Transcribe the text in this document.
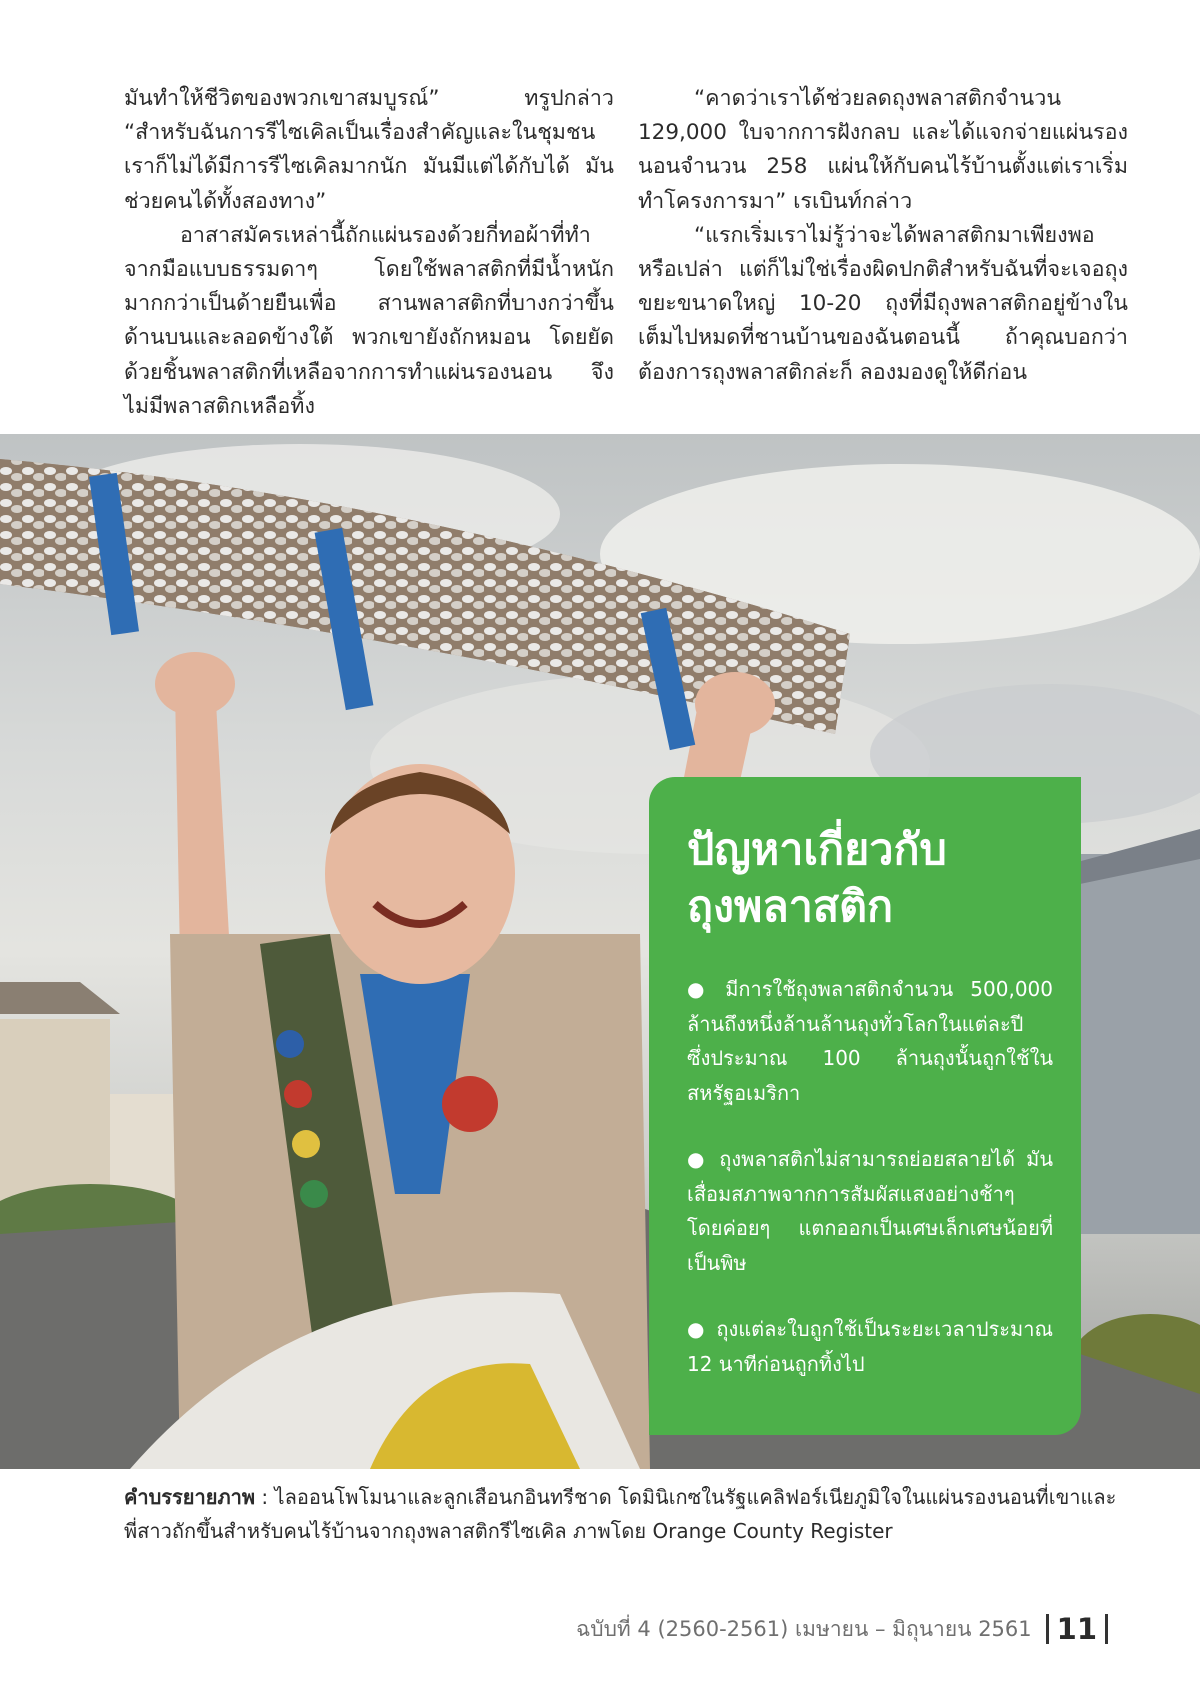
มันทำให้ชีวิตของพวกเขาสมบูรณ์” ทรูปกล่าว “สำหรับฉันการรีไซเคิลเป็นเรื่องสำคัญและในชุมชนเราก็ไม่ได้มีการรีไซเคิลมากนัก มันมีแต่ได้กับได้ มันช่วยคนได้ทั้งสองทาง”

อาสาสมัครเหล่านี้ถักแผ่นรองด้วยกี่ทอผ้าที่ทำจากมือแบบธรรมดาๆ โดยใช้พลาสติกที่มีน้ำหนักมากกว่าเป็นด้ายยืนเพื่อ สานพลาสติกที่บางกว่าขึ้นด้านบนและลอดข้างใต้ พวกเขายังถักหมอน โดยยัดด้วยชิ้นพลาสติกที่เหลือจากการทำแผ่นรองนอน จึงไม่มีพลาสติกเหลือทิ้ง

“คาดว่าเราได้ช่วยลดถุงพลาสติกจำนวน 129,000 ใบจากการฝังกลบ และได้แจกจ่ายแผ่นรองนอนจำนวน 258 แผ่นให้กับคนไร้บ้านตั้งแต่เราเริ่มทำโครงการมา” เรเบินท์กล่าว

“แรกเริ่มเราไม่รู้ว่าจะได้พลาสติกมาเพียงพอหรือเปล่า แต่ก็ไม่ใช่เรื่องผิดปกติสำหรับฉันที่จะเจอถุงขยะขนาดใหญ่ 10-20 ถุงที่มีถุงพลาสติกอยู่ข้างในเต็มไปหมดที่ชานบ้านของฉันตอนนี้ ถ้าคุณบอกว่าต้องการถุงพลาสติกล่ะก็ ลองมองดูให้ดีก่อน

ปัญหาเกี่ยวกับ
ถุงพลาสติก
● มีการใช้ถุงพลาสติกจำนวน 500,000 ล้านถึงหนึ่งล้านล้านถุงทั่วโลกในแต่ละปี ซึ่งประมาณ 100 ล้านถุงนั้นถูกใช้ในสหรัฐอเมริกา
● ถุงพลาสติกไม่สามารถย่อยสลายได้ มันเสื่อมสภาพจากการสัมผัสแสงอย่างช้าๆ โดยค่อยๆ แตกออกเป็นเศษเล็กเศษน้อยที่เป็นพิษ
● ถุงแต่ละใบถูกใช้เป็นระยะเวลาประมาณ 12 นาทีก่อนถูกทิ้งไป
คำบรรยายภาพ : ไลออนโพโมนาและลูกเสือนกอินทรีชาด โดมินิเกซในรัฐแคลิฟอร์เนียภูมิใจในแผ่นรองนอนที่เขาและพี่สาวถักขึ้นสำหรับคนไร้บ้านจากถุงพลาสติกรีไซเคิล ภาพโดย Orange County Register
ฉบับที่ 4 (2560-2561) เมษายน – มิถุนายน 2561 11
